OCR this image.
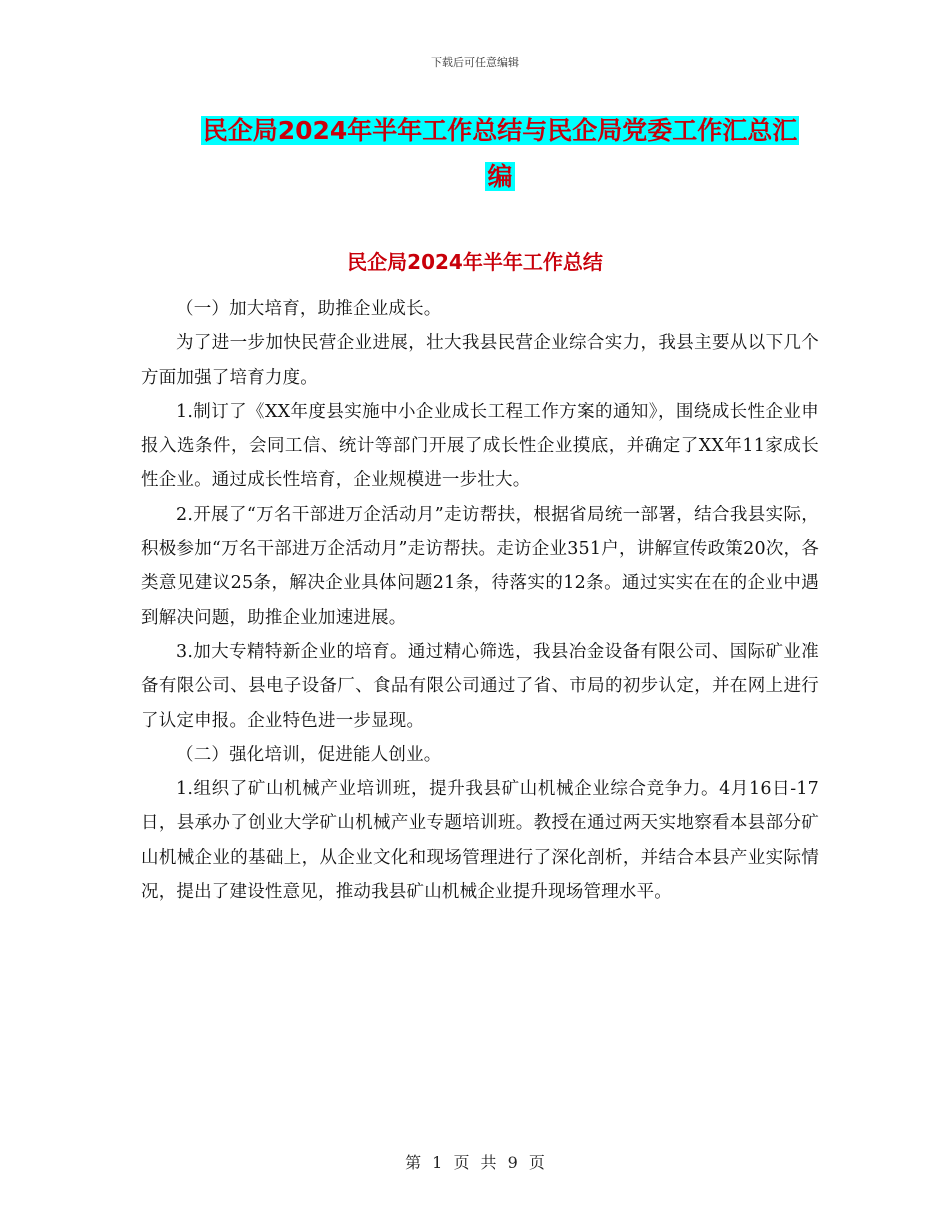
下载后可任意编辑
民企局2024年半年工作总结与民企局党委工作汇总汇
编
民企局2024年半年工作总结

（一）加大培育，助推企业成长。

为了进一步加快民营企业进展，壮大我县民营企业综合实力，我县主要从以下几个方面加强了培育力度。

1.制订了《XX年度县实施中小企业成长工程工作方案的通知》，围绕成长性企业申报入选条件，会同工信、统计等部门开展了成长性企业摸底，并确定了XX年11家成长性企业。通过成长性培育，企业规模进一步壮大。

2.开展了“万名干部进万企活动月”走访帮扶，根据省局统一部署，结合我县实际，积极参加“万名干部进万企活动月”走访帮扶。走访企业351户，讲解宣传政策20次，各类意见建议25条，解决企业具体问题21条，待落实的12条。通过实实在在的企业中遇到解决问题，助推企业加速进展。

3.加大专精特新企业的培育。通过精心筛选，我县冶金设备有限公司、国际矿业准备有限公司、县电子设备厂、食品有限公司通过了省、市局的初步认定，并在网上进行了认定申报。企业特色进一步显现。

（二）强化培训，促进能人创业。

1.组织了矿山机械产业培训班，提升我县矿山机械企业综合竞争力。4月16日-17日，县承办了创业大学矿山机械产业专题培训班。教授在通过两天实地察看本县部分矿山机械企业的基础上，从企业文化和现场管理进行了深化剖析，并结合本县产业实际情况，提出了建设性意见，推动我县矿山机械企业提升现场管理水平。

第 1 页 共 9 页
